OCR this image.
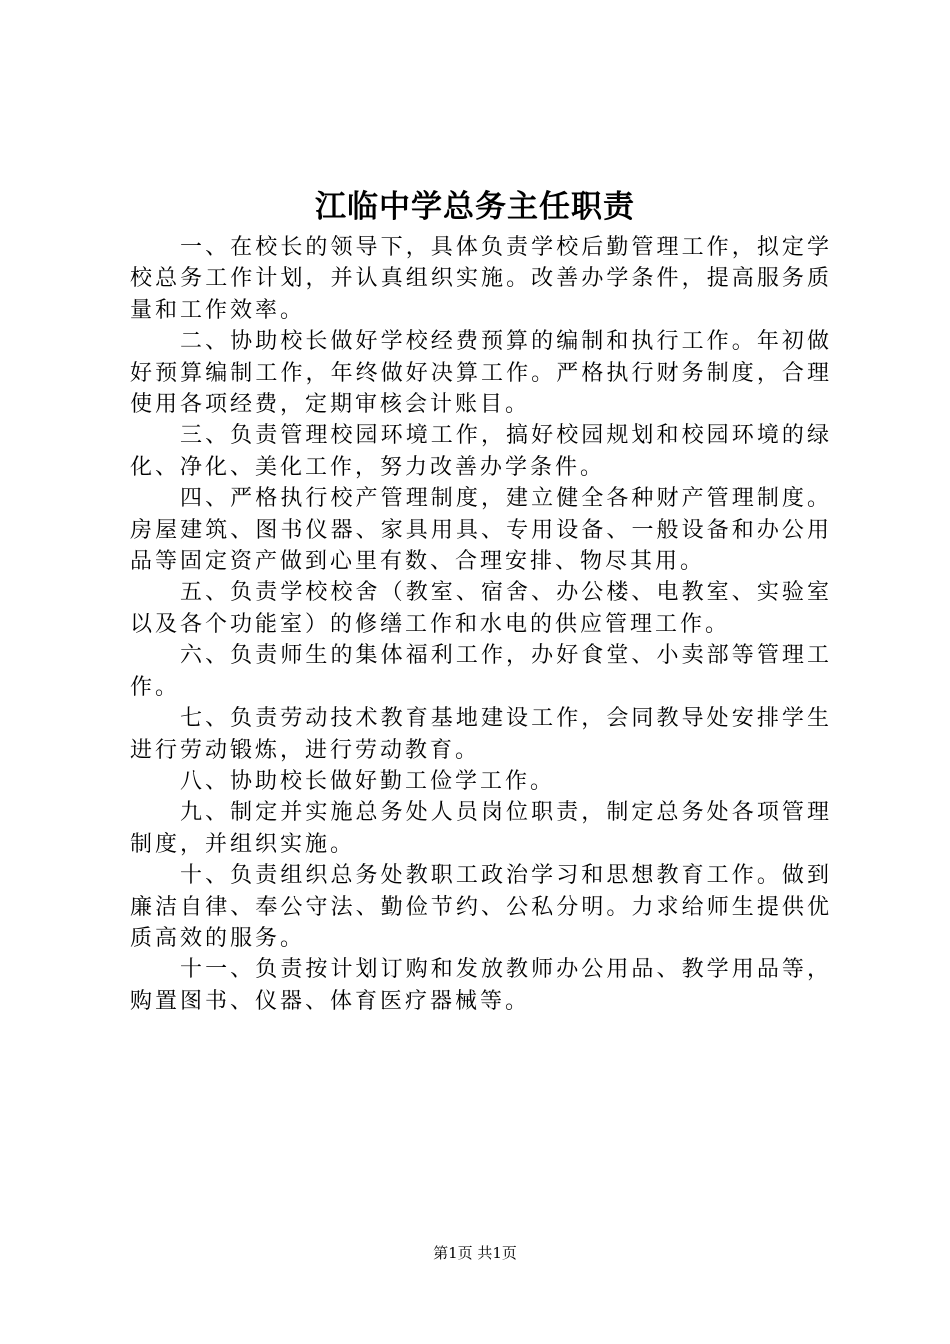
江临中学总务主任职责

一、在校长的领导下，具体负责学校后勤管理工作，拟定学校总务工作计划，并认真组织实施。改善办学条件，提高服务质量和工作效率。

二、协助校长做好学校经费预算的编制和执行工作。年初做好预算编制工作，年终做好决算工作。严格执行财务制度，合理使用各项经费，定期审核会计账目。

三、负责管理校园环境工作，搞好校园规划和校园环境的绿化、净化、美化工作，努力改善办学条件。

四、严格执行校产管理制度，建立健全各种财产管理制度。房屋建筑、图书仪器、家具用具、专用设备、一般设备和办公用品等固定资产做到心里有数、合理安排、物尽其用。

五、负责学校校舍（教室、宿舍、办公楼、电教室、实验室以及各个功能室）的修缮工作和水电的供应管理工作。

六、负责师生的集体福利工作，办好食堂、小卖部等管理工作。

七、负责劳动技术教育基地建设工作，会同教导处安排学生进行劳动锻炼，进行劳动教育。

八、协助校长做好勤工俭学工作。

九、制定并实施总务处人员岗位职责，制定总务处各项管理制度，并组织实施。

十、负责组织总务处教职工政治学习和思想教育工作。做到廉洁自律、奉公守法、勤俭节约、公私分明。力求给师生提供优质高效的服务。

十一、负责按计划订购和发放教师办公用品、教学用品等，购置图书、仪器、体育医疗器械等。

第1页 共1页
